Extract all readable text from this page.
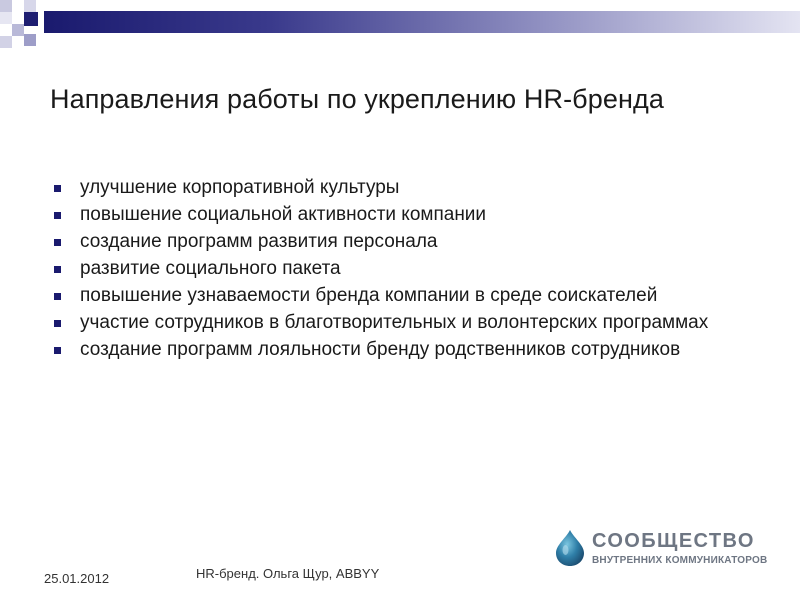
Направления работы по укреплению HR-бренда
улучшение корпоративной культуры
повышение социальной активности компании
создание программ развития персонала
развитие социального пакета
повышение узнаваемости бренда компании в среде соискателей
участие сотрудников в благотворительных и волонтерских программах
создание программ лояльности бренду родственников сотрудников
СООБЩЕСТВО
ВНУТРЕННИХ КОММУНИКАТОРОВ
25.01.2012	HR-бренд. Ольга Щур, ABBYY
